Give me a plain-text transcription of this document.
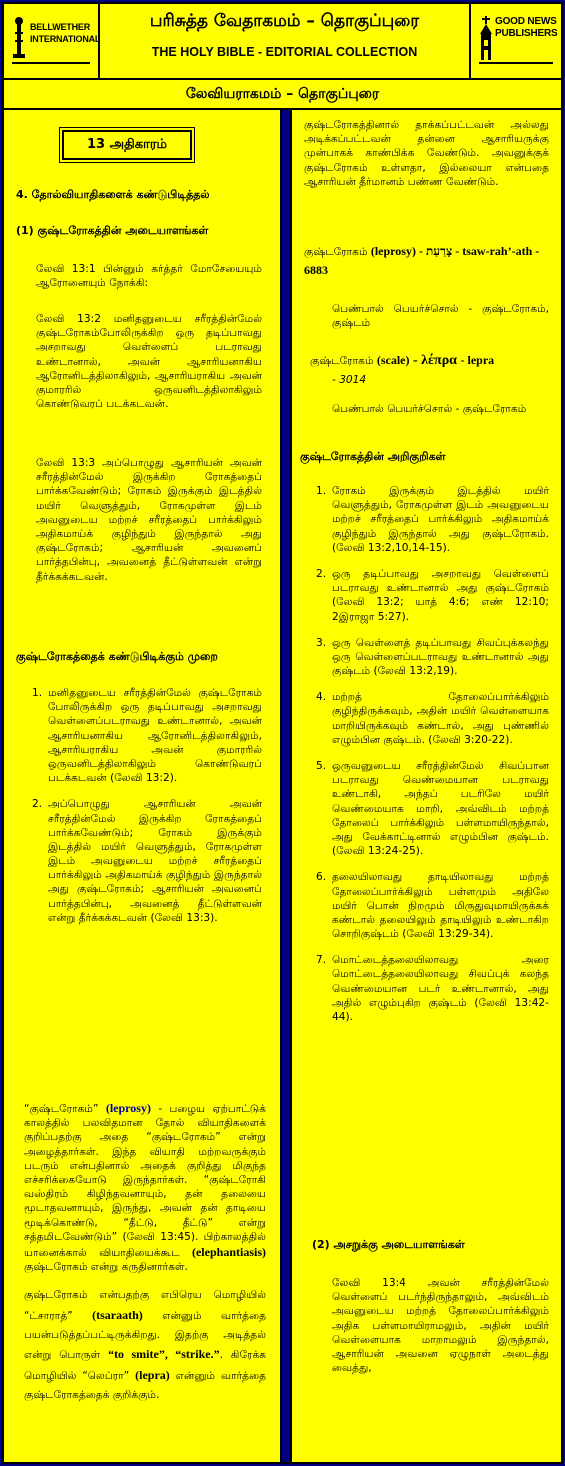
BELLWETHER
INTERNATIONAL
பரிசுத்த வேதாகமம் – தொகுப்புரை
THE HOLY BIBLE - EDITORIAL COLLECTION
GOOD NEWS
PUBLISHERS
லேவியராகமம் – தொகுப்புரை
13 அதிகாரம்
4. தோல்வியாதிகளைக் கண்டுபிடித்தல்
(1) குஷ்டரோகத்தின் அடையாளங்கள்
லேவி 13:1 பின்னும் கர்த்தர் மோசேயையும் ஆரோனையும் நோக்கி:
லேவி 13:2 மனிதனுடைய சரீரத்தின்மேல் குஷ்டரோகம்போலிருக்கிற ஒரு தடிப்பாவது அசறாவது வெள்ளைப் படராவது உண்டானால், அவன் ஆசாரியனாகிய ஆரோனிடத்திலாகிலும், ஆசாரியராகிய அவன் குமாரரில் ஒருவனிடத்திலாகிலும் கொண்டுவரப் படக்கடவன்.
லேவி 13:3 அப்பொழுது ஆசாரியன் அவன் சரீரத்தின்மேல் இருக்கிற ரோகத்தைப் பார்க்கவேண்டும்; ரோகம் இருக்கும் இடத்தில் மயிர் வெளுத்தும், ரோகமுள்ள இடம் அவனுடைய மற்றச் சரீரத்தைப் பார்க்கிலும் அதிகமாய்க் குழிந்தும் இருந்தால் அது குஷ்டரோகம்; ஆசாரியன் அவனைப் பார்த்தபின்பு, அவனைத் தீட்டுள்ளவன் என்று தீர்க்கக்கடவன்.
குஷ்டரோகத்தைக் கண்டுபிடிக்கும் முறை
1. மனிதனுடைய சரீரத்தின்மேல் குஷ்டரோகம் போலிருக்கிற ஒரு தடிப்பாவது அசறாவது வெள்ளைப்படராவது உண்டானால், அவன் ஆசாரியனாகிய ஆரோனிடத்திலாகிலும், ஆசாரியராகிய அவன் குமாரரில் ஒருவனிடத்திலாகிலும் கொண்டுவரப் படக்கடவன் (லேவி 13:2).
2. அப்பொழுது ஆசாரியன் அவன் சரீரத்தின்மேல் இருக்கிற ரோகத்தைப் பார்க்கவேண்டும்; ரோகம் இருக்கும் இடத்தில் மயிர் வெளுத்தும், ரோகமுள்ள இடம் அவனுடைய மற்றச் சரீரத்தைப் பார்க்கிலும் அதிகமாய்க் குழிந்தும் இருந்தால் அது குஷ்டரோகம்; ஆசாரியன் அவனைப் பார்த்தபின்பு, அவனைத் தீட்டுள்ளவன் என்று தீர்க்கக்கடவன் (லேவி 13:3).
“குஷ்டரோகம்” (leprosy) - பழைய ஏற்பாட்டுக் காலத்தில் பலவிதமான தோல் வியாதிகளைக் குறிப்பதற்கு அதை “குஷ்டரோகம்” என்று அழைத்தார்கள். இந்த வியாதி மற்றவருக்கும் படரும் என்பதினால் அதைக் குறித்து மிகுந்த எச்சரிக்கையோடு இருந்தார்கள். “குஷ்டரோகி வஸ்திரம் கிழிந்தவனாயும், தன் தலையை மூடாதவனாயும், இருந்து, அவன் தன் தாடியை மூடிக்கொண்டு, “தீட்டு, தீட்டு” என்று சத்தமிடவேண்டும்” (லேவி 13:45). பிற்காலத்தில் யானைக்கால் வியாதியைக்கூட (elephantiasis) குஷ்டரோகம் என்று கருதினார்கள்.
குஷ்டரோகம் என்பதற்கு எபிரெய மொழியில் “ட்சாராத்” (tsaraath) என்னும் வார்த்தை பயன்படுத்தப்பட்டிருக்கிறது. இதற்கு அடித்தல் என்று பொருள் “to smite”, “strike.”. கிரேக்க மொழியில் “லெப்ரா” (lepra) என்னும் வார்த்தை குஷ்டரோகத்தைக் குறிக்கும்.
குஷ்டரோகத்தினால் தாக்கப்பட்டவன் அல்லது அடிக்கப்பட்டவன் தன்னை ஆசாரியருக்கு முன்பாகக் காண்பிக்க வேண்டும். அவனுக்குக் குஷ்டரோகம் உள்ளதா, இல்லையா என்பதை ஆசாரியன் தீர்மானம் பண்ண வேண்டும்.
குஷ்டரோகம் (leprosy) - צָרַעַת - tsaw-rah’-ath - 6883
பெண்பால் பெயர்ச்சொல் - குஷ்டரோகம், குஷ்டம்
குஷ்டரோகம் (scale) - λέπρα - lepra
- 3014
பெண்பால் பெயர்ச்சொல் - குஷ்டரோகம்
குஷ்டரோகத்தின் அறிகுறிகள்
1. ரோகம் இருக்கும் இடத்தில் மயிர் வெளுத்தும், ரோகமுள்ள இடம் அவனுடைய மற்றச் சரீரத்தைப் பார்க்கிலும் அதிகமாய்க் குழிந்தும் இருந்தால் அது குஷ்டரோகம். (லேவி 13:2,10,14-15).
2. ஒரு தடிப்பாவது அசறாவது வெள்ளைப் படராவது உண்டானால் அது குஷ்டரோகம் (லேவி 13:2; யாத் 4:6; எண் 12:10; 2இராஜா 5:27).
3. ஒரு வெள்ளைத் தடிப்பாவது சிவப்புக்கலந்து ஒரு வெள்ளைப்படராவது உண்டானால் அது குஷ்டம் (லேவி 13:2,19).
4. மற்றத் தோலைப்பார்க்கிலும் குழிந்திருக்கவும், அதின் மயிர் வெள்ளையாக மாறியிருக்கவும் கண்டால், அது புண்ணில் எழும்பின குஷ்டம். (லேவி 3:20-22).
5. ஒருவனுடைய சரீரத்தின்மேல் சிவப்பான படராவது வெண்மையான படராவது உண்டாகி, அந்தப் படரிலே மயிர் வெண்மையாக மாறி, அவ்விடம் மற்றத் தோலைப் பார்க்கிலும் பள்ளமாயிருந்தால், அது வேக்காட்டினால் எழும்பின குஷ்டம். (லேவி 13:24-25).
6. தலையிலாவது தாடியிலாவது மற்றத் தோலைப்பார்க்கிலும் பள்ளமும் அதிலே மயிர் பொன் நிறமும் மிருதுவுமாயிருக்கக் கண்டால் தலையிலும் தாடியிலும் உண்டாகிற சொறிகுஷ்டம் (லேவி 13:29-34).
7. மொட்டைத்தலையிலாவது அரை மொட்டைத்தலையிலாவது சிவப்புக் கலந்த வெண்மையான படர் உண்டானால், அது அதில் எழும்புகிற குஷ்டம் (லேவி 13:42-44).
(2) அசறுக்கு அடையாளங்கள்
லேவி 13:4 அவன் சரீரத்தின்மேல் வெள்ளைப் படர்ந்திருந்தாலும், அவ்விடம் அவனுடைய மற்றத் தோலைப்பார்க்கிலும் அதிக பள்ளமாயிராமலும், அதின் மயிர் வெள்ளையாக மாறாமலும் இருந்தால், ஆசாரியன் அவனை ஏழுநாள் அடைத்து வைத்து,
